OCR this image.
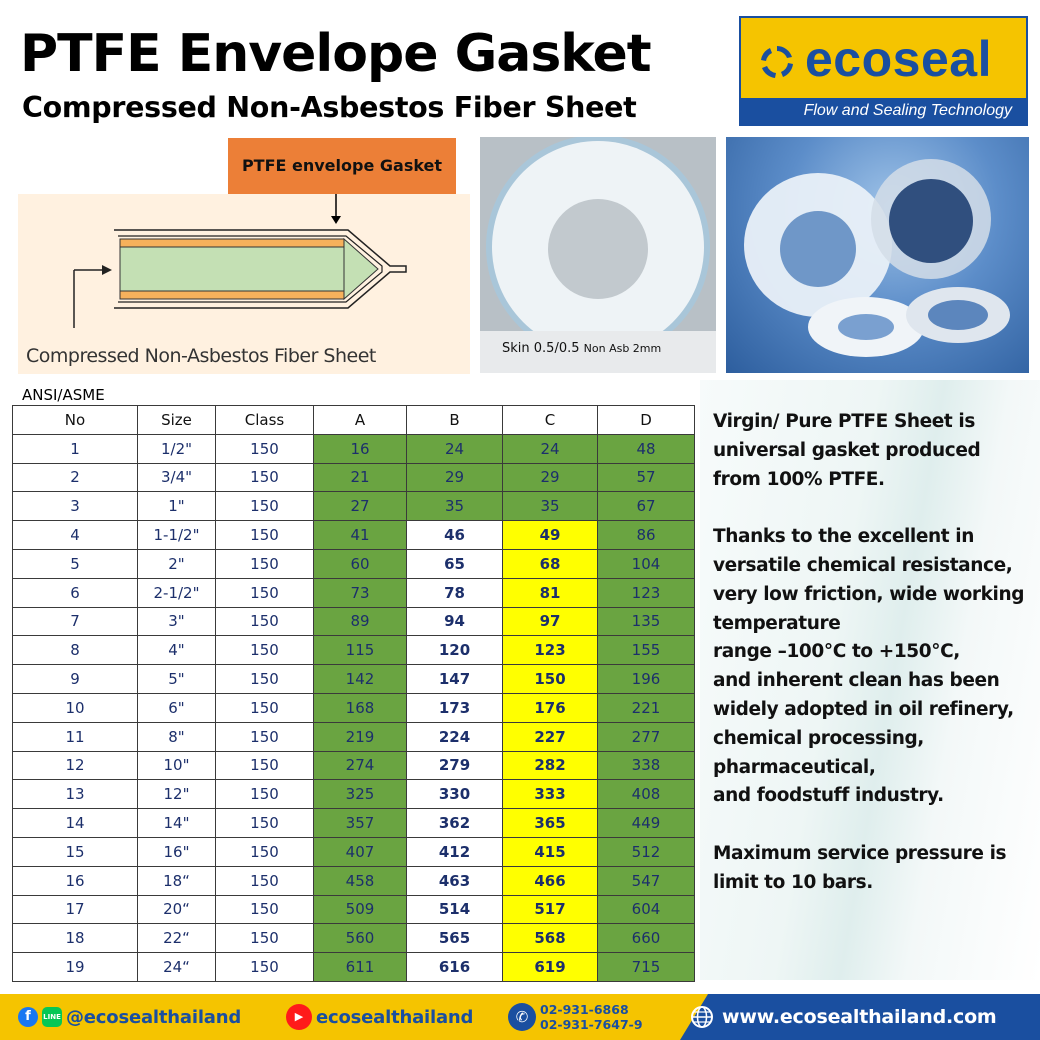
PTFE Envelope Gasket
Compressed Non-Asbestos Fiber Sheet
ecoseal
Flow and Sealing Technology
PTFE envelope Gasket
Compressed Non-Asbestos Fiber Sheet	Skin 0.5/0.5 Non Asb 2mm
ANSI/ASME
No	Size	Class	A	B	C	D
1	1/2"	150	16	24	24	48
2	3/4"	150	21	29	29	57
3	1"	150	27	35	35	67
4	1-1/2"	150	41	46	49	86
5	2"	150	60	65	68	104
6	2-1/2"	150	73	78	81	123
7	3"	150	89	94	97	135
8	4"	150	115	120	123	155
9	5"	150	142	147	150	196
10	6"	150	168	173	176	221
11	8"	150	219	224	227	277
12	10"	150	274	279	282	338
13	12"	150	325	330	333	408
14	14"	150	357	362	365	449
15	16"	150	407	412	415	512
16	18“	150	458	463	466	547
17	20“	150	509	514	517	604
18	22“	150	560	565	568	660
19	24“	150	611	616	619	715

Virgin/ Pure PTFE Sheet is
universal gasket produced
from 100% PTFE.

Thanks to the excellent in
versatile chemical resistance,
very low friction, wide working
temperature
range –100°C to +150°C,
and inherent clean has been
widely adopted in oil refinery,
chemical processing,
pharmaceutical,
and foodstuff industry.

Maximum service pressure is
limit to 10 bars.

f	LINE @ecosealthailand	▶ ecosealthailand	✆ 02-931-6868
02-931-7647-9	www.ecosealthailand.com
